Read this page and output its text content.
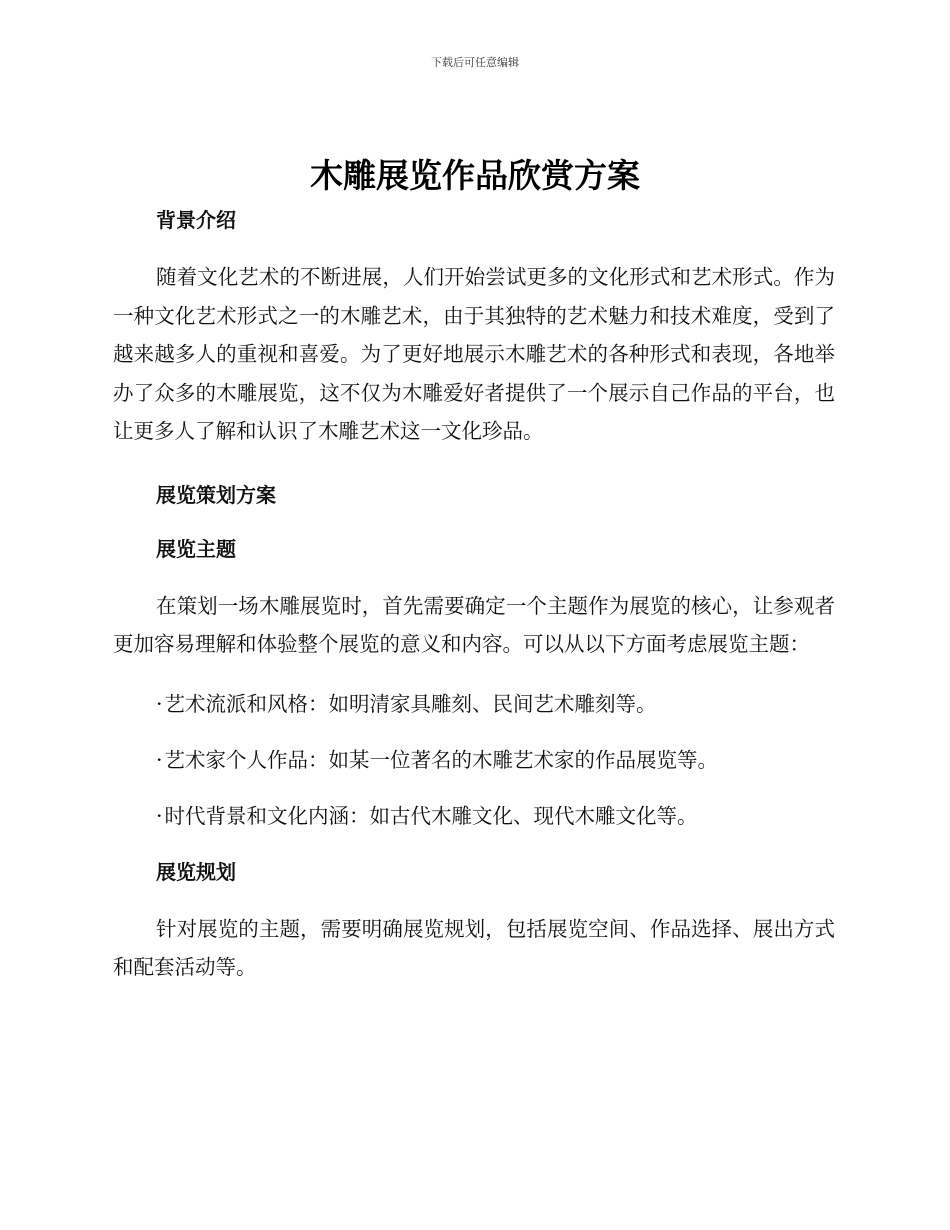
下载后可任意编辑
木雕展览作品欣赏方案
背景介绍

随着文化艺术的不断进展，人们开始尝试更多的文化形式和艺术形式。作为一种文化艺术形式之一的木雕艺术，由于其独特的艺术魅力和技术难度，受到了越来越多人的重视和喜爱。为了更好地展示木雕艺术的各种形式和表现，各地举办了众多的木雕展览，这不仅为木雕爱好者提供了一个展示自己作品的平台，也让更多人了解和认识了木雕艺术这一文化珍品。

展览策划方案
展览主题

在策划一场木雕展览时，首先需要确定一个主题作为展览的核心，让参观者更加容易理解和体验整个展览的意义和内容。可以从以下方面考虑展览主题：

·艺术流派和风格：如明清家具雕刻、民间艺术雕刻等。
·艺术家个人作品：如某一位著名的木雕艺术家的作品展览等。
·时代背景和文化内涵：如古代木雕文化、现代木雕文化等。
展览规划

针对展览的主题，需要明确展览规划，包括展览空间、作品选择、展出方式和配套活动等。
